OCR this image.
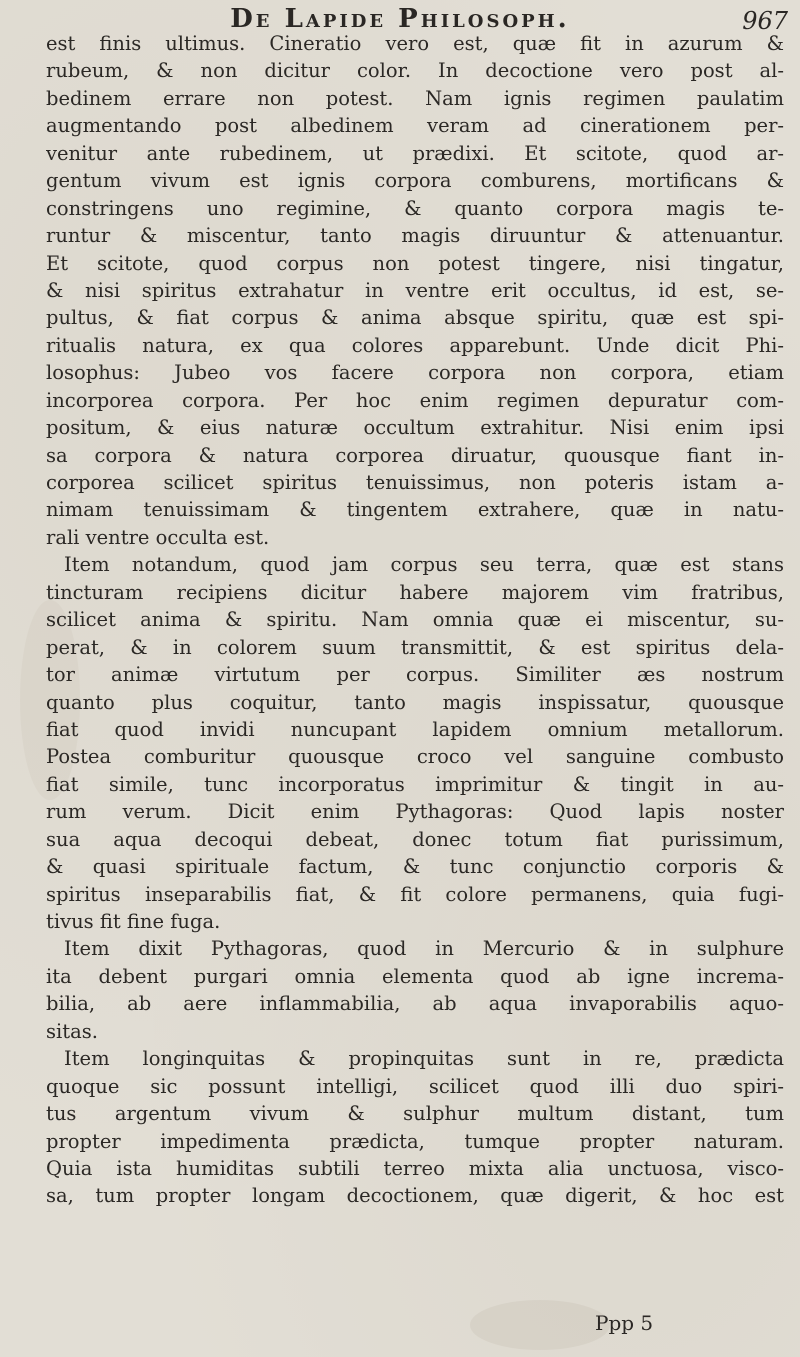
De Lapide Philosoph.	967
est finis ultimus. Cineratio vero est, quæ fit in azurum &
rubeum, & non dicitur color. In decoctione vero post al-
bedinem errare non potest. Nam ignis regimen paulatim
augmentando post albedinem veram ad cinerationem per-
venitur ante rubedinem, ut prædixi. Et scitote, quod ar-
gentum vivum est ignis corpora comburens, mortificans &
constringens uno regimine, & quanto corpora magis te-
runtur & miscentur, tanto magis diruuntur & attenuantur.
Et scitote, quod corpus non potest tingere, nisi tingatur,
& nisi spiritus extrahatur in ventre erit occultus, id est, se-
pultus, & fiat corpus & anima absque spiritu, quæ est spi-
ritualis natura, ex qua colores apparebunt. Unde dicit Phi-
losophus: Jubeo vos facere corpora non corpora, etiam
incorporea corpora. Per hoc enim regimen depuratur com-
positum, & eius naturæ occultum extrahitur. Nisi enim ipsi
sa corpora & natura corporea diruatur, quousque fiant in-
corporea scilicet spiritus tenuissimus, non poteris istam a-
nimam tenuissimam & tingentem extrahere, quæ in natu-
rali ventre occulta est.
Item notandum, quod jam corpus seu terra, quæ est stans
tincturam recipiens dicitur habere majorem vim fratribus,
scilicet anima & spiritu. Nam omnia quæ ei miscentur, su-
perat, & in colorem suum transmittit, & est spiritus dela-
tor animæ virtutum per corpus. Similiter æs nostrum
quanto plus coquitur, tanto magis inspissatur, quousque
fiat quod invidi nuncupant lapidem omnium metallorum.
Postea comburitur quousque croco vel sanguine combusto
fiat simile, tunc incorporatus imprimitur & tingit in au-
rum verum. Dicit enim Pythagoras: Quod lapis noster
sua aqua decoqui debeat, donec totum fiat purissimum,
& quasi spirituale factum, & tunc conjunctio corporis &
spiritus inseparabilis fiat, & fit colore permanens, quia fugi-
tivus fit fine fuga.
Item dixit Pythagoras, quod in Mercurio & in sulphure
ita debent purgari omnia elementa quod ab igne increma-
bilia, ab aere inflammabilia, ab aqua invaporabilis aquo-
sitas.
Item longinquitas & propinquitas sunt in re, prædicta
quoque sic possunt intelligi, scilicet quod illi duo spiri-
tus argentum vivum & sulphur multum distant, tum
propter impedimenta prædicta, tumque propter naturam.
Quia ista humiditas subtili terreo mixta alia unctuosa, visco-
sa, tum propter longam decoctionem, quæ digerit, & hoc est
Ppp 5
